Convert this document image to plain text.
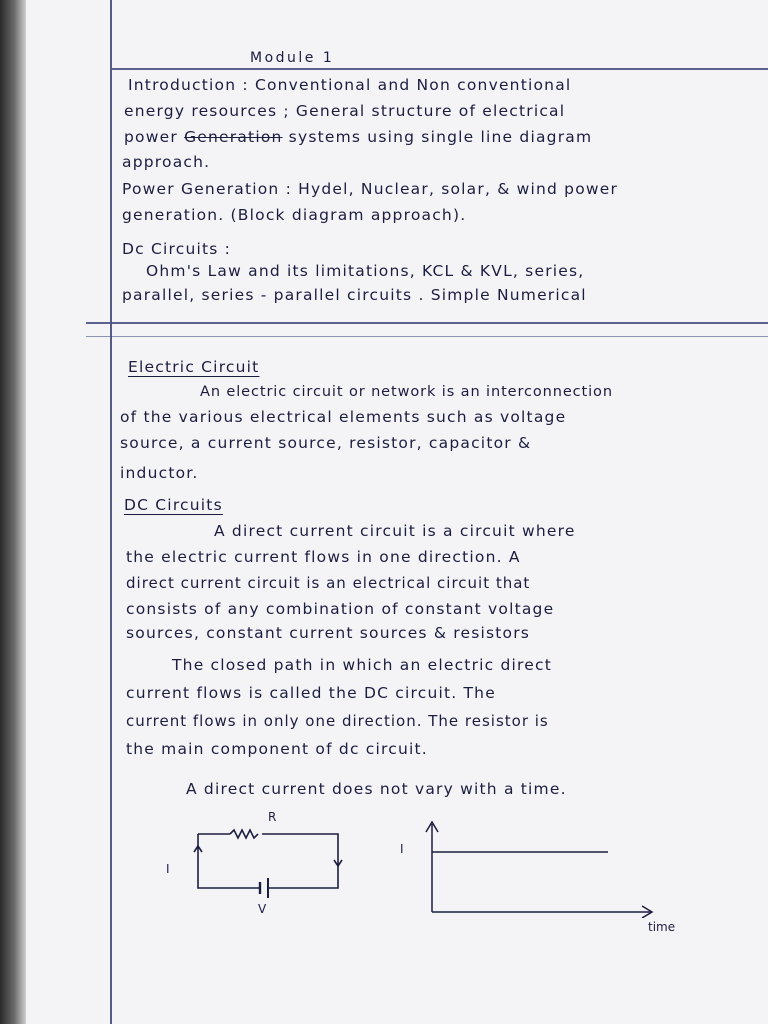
Module 1
Introduction : Conventional and Non conventional
energy resources ; General structure of electrical
power Generation systems using single line diagram
approach.
Power Generation : Hydel, Nuclear, solar, & wind power
generation. (Block diagram approach).
Dc Circuits :
Ohm's Law and its limitations, KCL & KVL, series,
parallel, series - parallel circuits . Simple Numerical
Electric Circuit
An electric circuit or network is an interconnection
of the various electrical elements such as voltage
source, a current source, resistor, capacitor &
inductor.
DC Circuits
A direct current circuit is a circuit where
the electric current flows in one direction. A
direct current circuit is an electrical circuit that
consists of any combination of constant voltage
sources, constant current sources & resistors
The closed path in which an electric direct
current flows is called the DC circuit. The
current flows in only one direction. The resistor is
the main component of dc circuit.
A direct current does not vary with a time.
R
I
V
I
time
